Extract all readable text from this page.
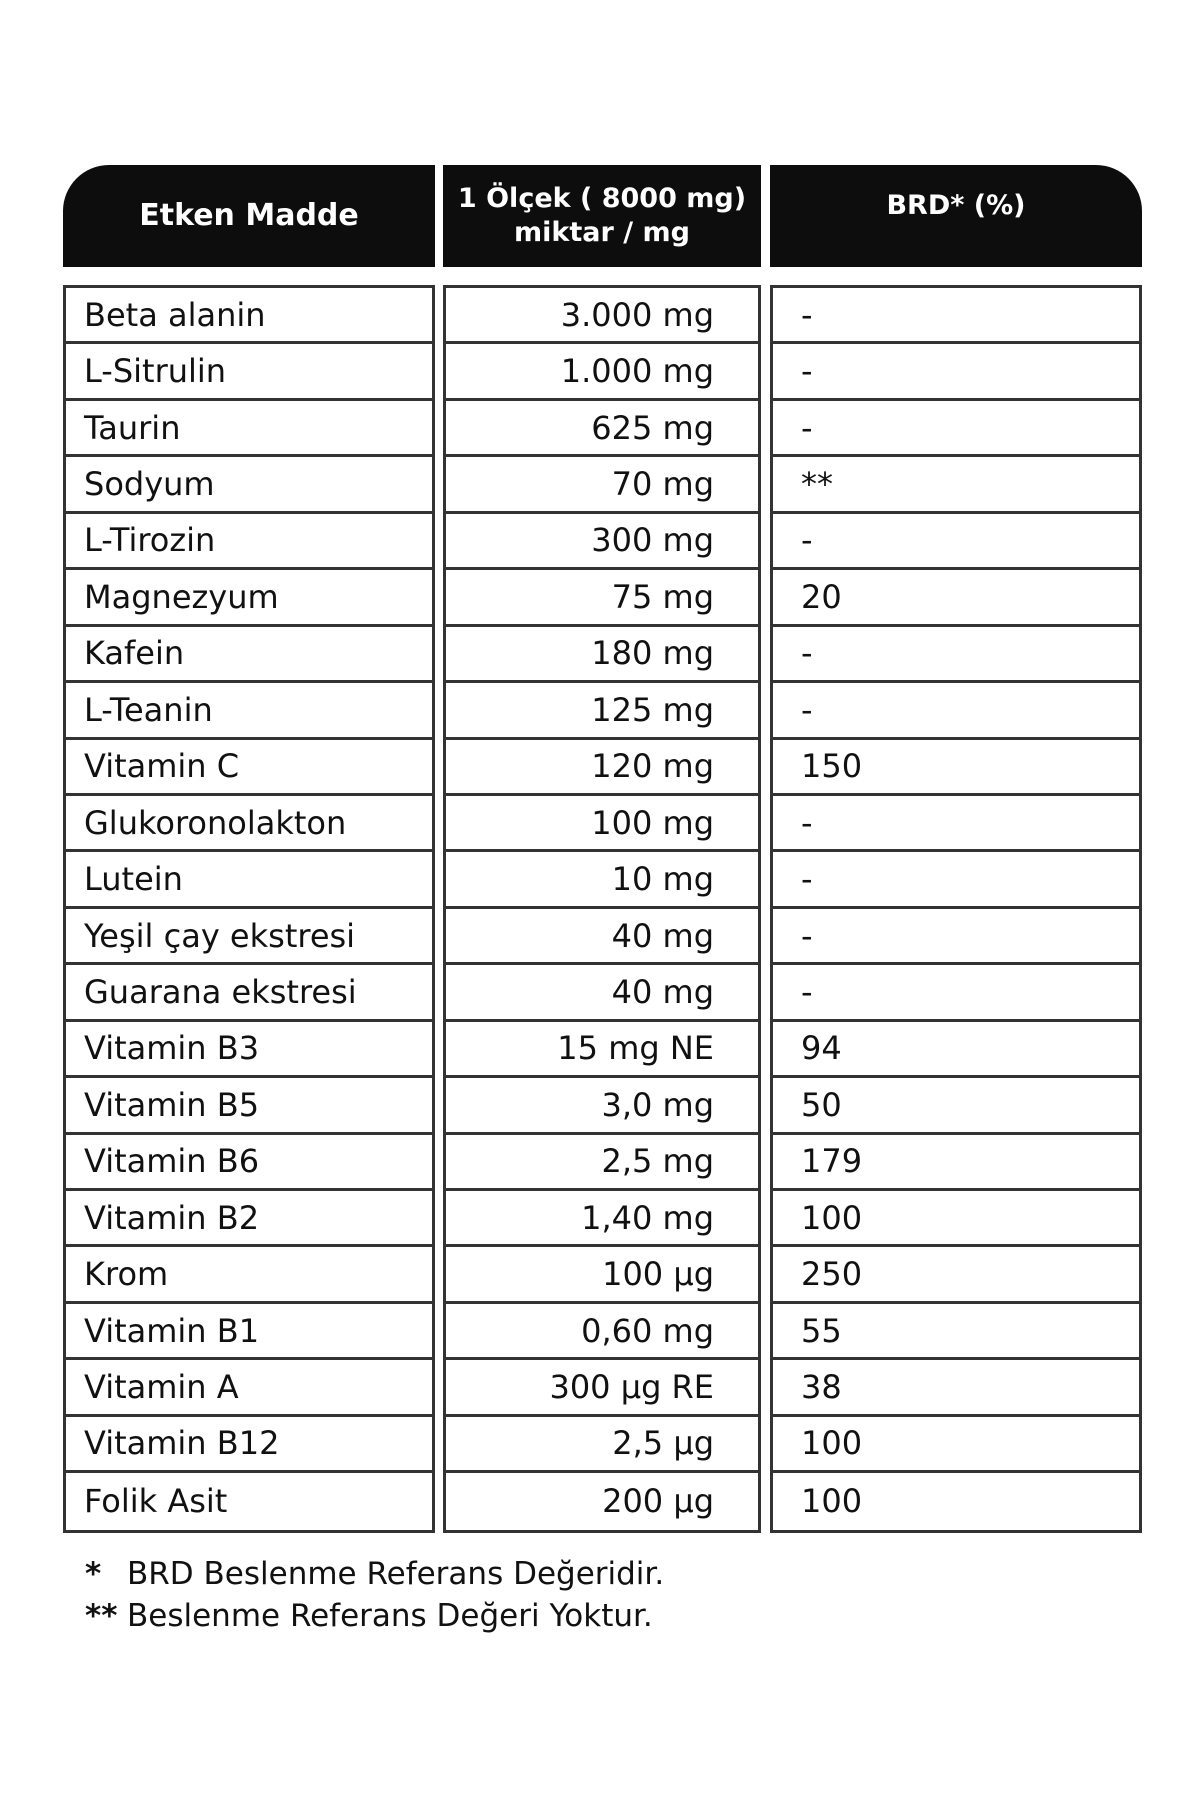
Etken Madde	1 Ölçek ( 8000 mg)
miktar / mg
BRD* (%)
Beta alanin
L-Sitrulin
Taurin
Sodyum
L-Tirozin
Magnezyum
Kafein
L-Teanin
Vitamin C
Glukoronolakton
Lutein
Yeşil çay ekstresi
Guarana ekstresi
Vitamin B3
Vitamin B5
Vitamin B6
Vitamin B2
Krom
Vitamin B1
Vitamin A
Vitamin B12
Folik Asit
3.000 mg
1.000 mg
625 mg
70 mg
300 mg
75 mg
180 mg
125 mg
120 mg
100 mg
10 mg
40 mg
40 mg
15 mg NE
3,0 mg
2,5 mg
1,40 mg
100 µg
0,60 mg
300 µg RE
2,5 µg
200 µg
-
-
-
**
-
20
-
-
150
-
-
-
-
94
50
179
100
250
55
38
100
100
* BRD Beslenme Referans Değeridir.
** Beslenme Referans Değeri Yoktur.
